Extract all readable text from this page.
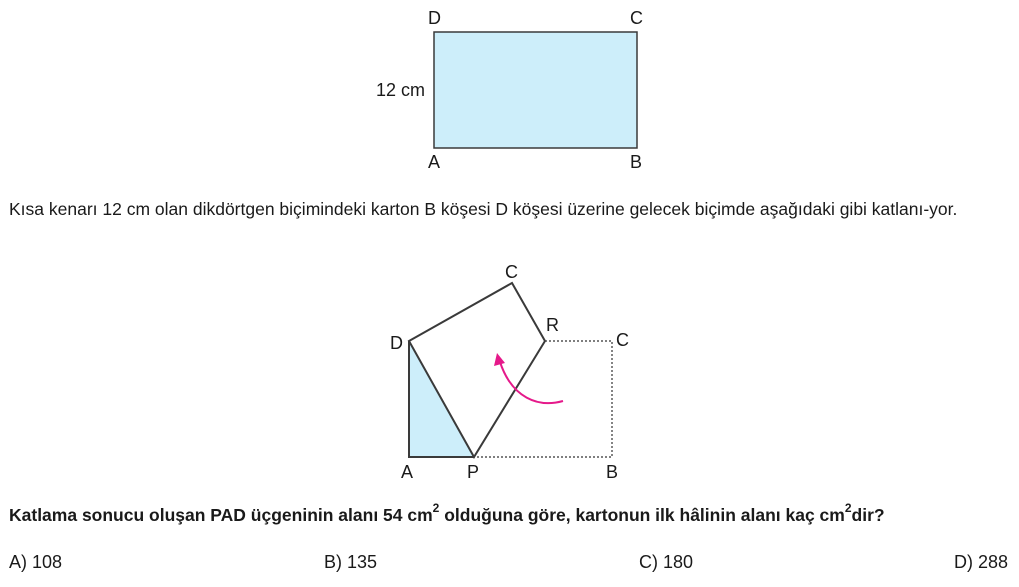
D	C
12 cm
A	B
Kısa kenarı 12 cm olan dikdörtgen biçimindeki karton B köşesi D köşesi üzerine gelecek biçimde aşağıdaki gibi katlanı-yor.
C
R
C
D
A	P	B
Katlama sonucu oluşan PAD üçgeninin alanı 54 $cm^2$ olduğuna göre, kartonun ilk hâlinin alanı kaç $cm^2dir$?
A) 108	B) 135	C) 180	D) 288
